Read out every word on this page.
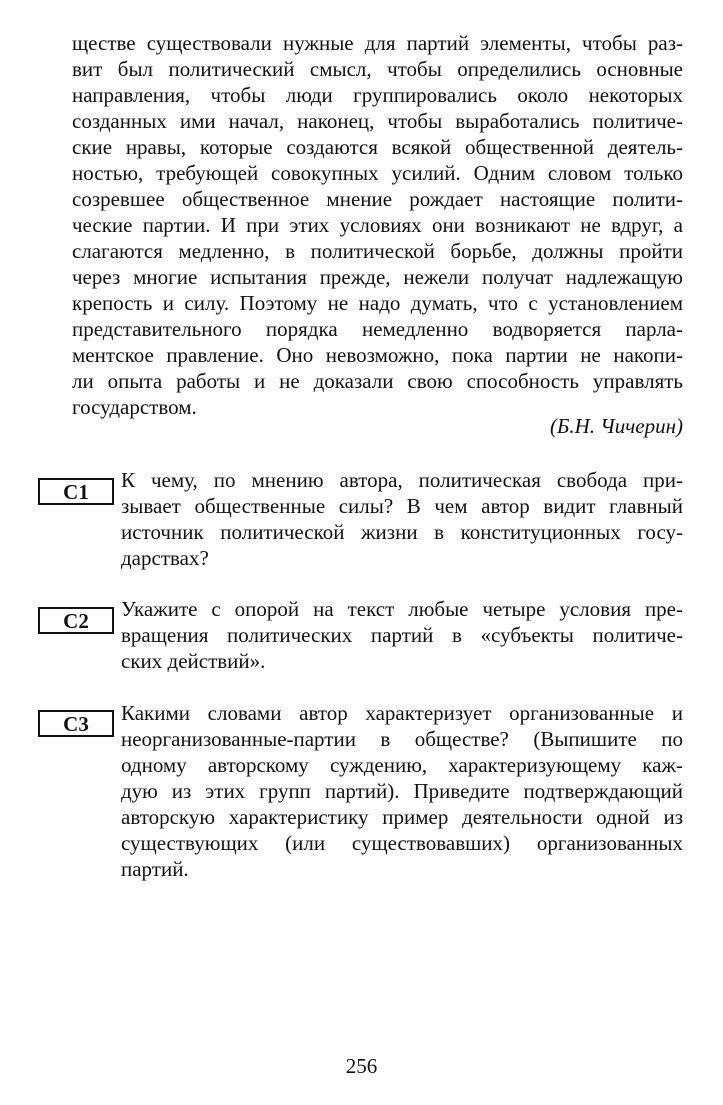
ществе существовали нужные для партий элементы, чтобы раз-
вит был политический смысл, чтобы определились основные
направления, чтобы люди группировались около некоторых
созданных ими начал, наконец, чтобы выработались политиче-
ские нравы, которые создаются всякой общественной деятель-
ностью, требующей совокупных усилий. Одним словом только
созревшее общественное мнение рождает настоящие полити-
ческие партии. И при этих условиях они возникают не вдруг, а
слагаются медленно, в политической борьбе, должны пройти
через многие испытания прежде, нежели получат надлежащую
крепость и силу. Поэтому не надо думать, что с установлением
представительного порядка немедленно водворяется парла-
ментское правление. Оно невозможно, пока партии не накопи-
ли опыта работы и не доказали свою способность управлять
государством.
(Б.Н. Чичерин)
C1	К чему, по мнению автора, политическая свобода при-
зывает общественные силы? В чем автор видит главный
источник политической жизни в конституционных госу-
дарствах?
C2	Укажите с опорой на текст любые четыре условия пре-
вращения политических партий в «субъекты политиче-
ских действий».
C3	Какими словами автор характеризует организованные и
неорганизованные-партии в обществе? (Выпишите по
одному авторскому суждению, характеризующему каж-
дую из этих групп партий). Приведите подтверждающий
авторскую характеристику пример деятельности одной из
существующих (или существовавших) организованных
партий.
256
